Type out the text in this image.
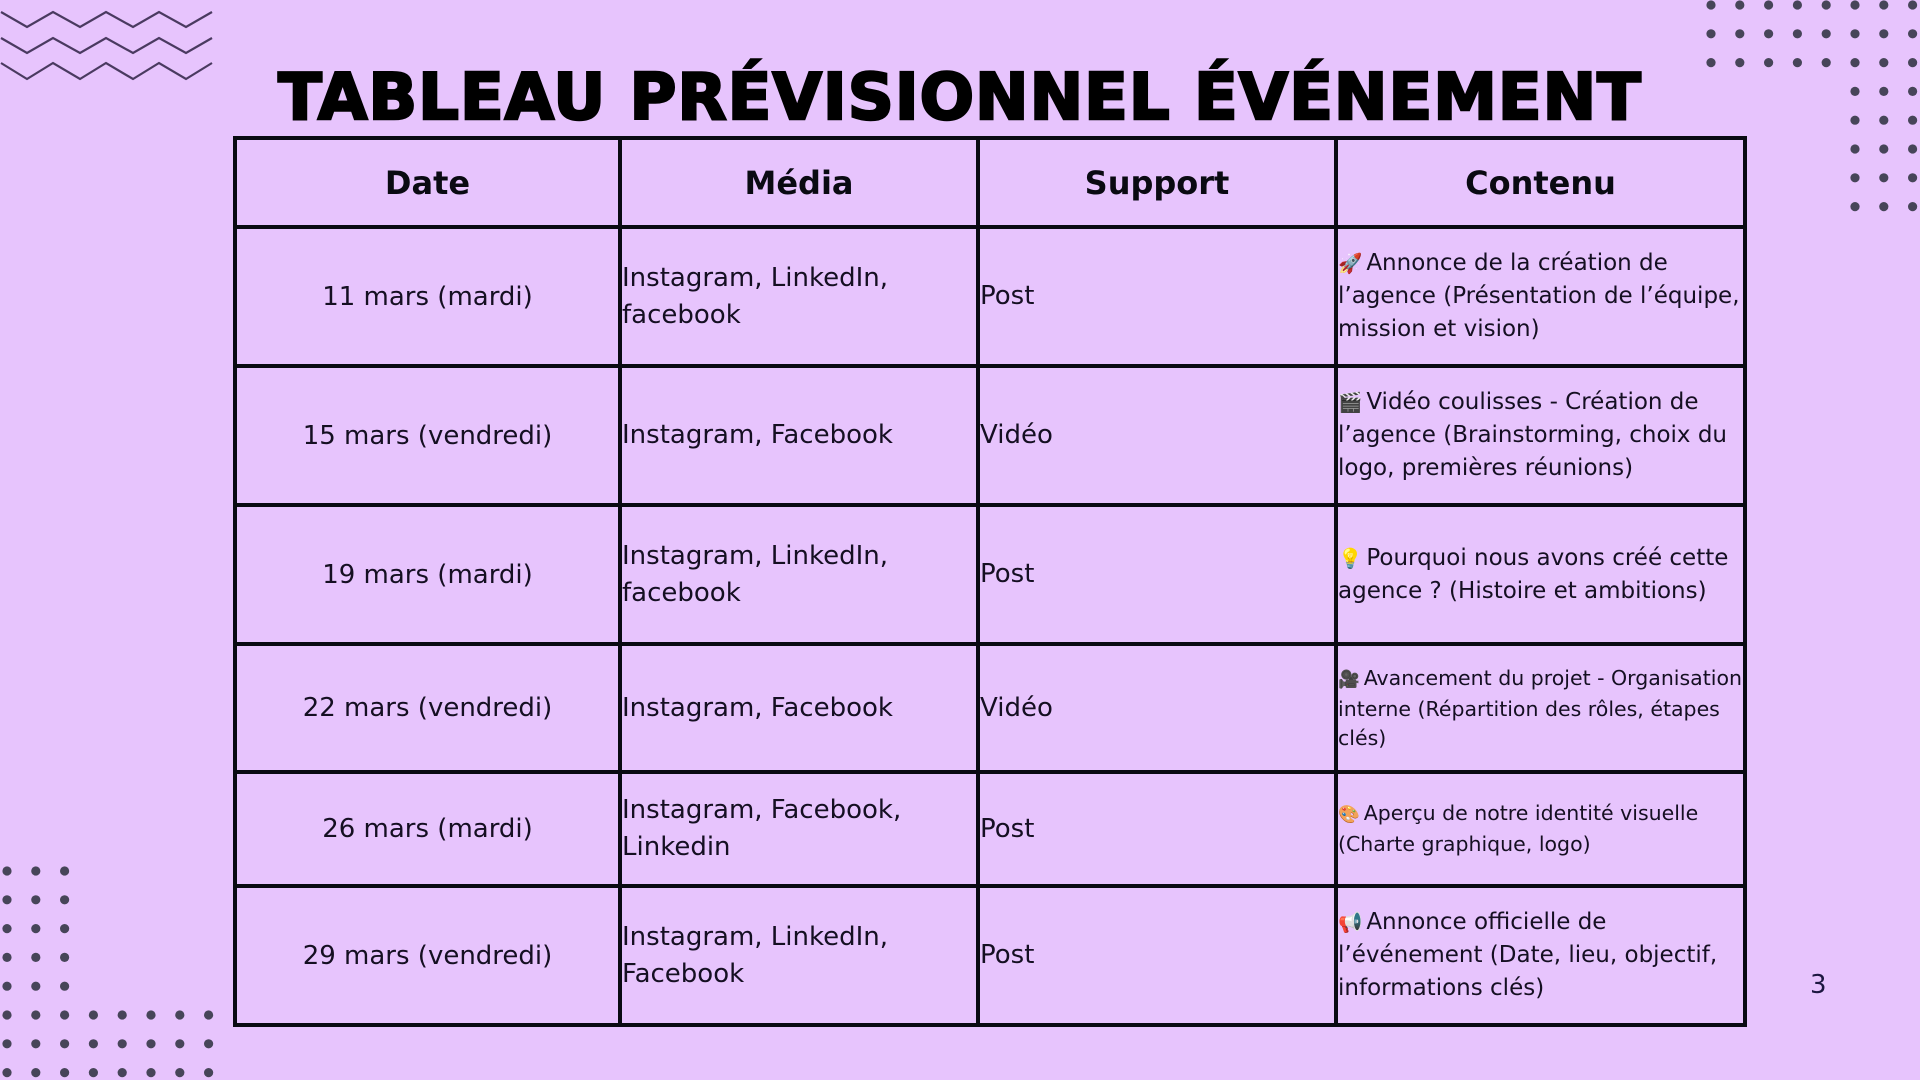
TABLEAU PRÉVISIONNEL ÉVÉNEMENT
Date	Média	Support	Contenu
11 mars (mardi)	Instagram, LinkedIn, facebook	Post	🚀 Annonce de la création de l’agence (Présentation de l’équipe, mission et vision)
15 mars (vendredi)	Instagram, Facebook	Vidéo	🎬 Vidéo coulisses - Création de l’agence (Brainstorming, choix du logo, premières réunions)
19 mars (mardi)	Instagram, LinkedIn, facebook	Post	💡 Pourquoi nous avons créé cette agence ? (Histoire et ambitions)
22 mars (vendredi)	Instagram, Facebook	Vidéo	🎥 Avancement du projet - Organisation interne (Répartition des rôles, étapes clés)
26 mars (mardi)	Instagram, Facebook, Linkedin	Post	🎨 Aperçu de notre identité visuelle (Charte graphique, logo)
29 mars (vendredi)	Instagram, LinkedIn, Facebook	Post	📢 Annonce officielle de l’événement (Date, lieu, objectif, informations clés)	3
